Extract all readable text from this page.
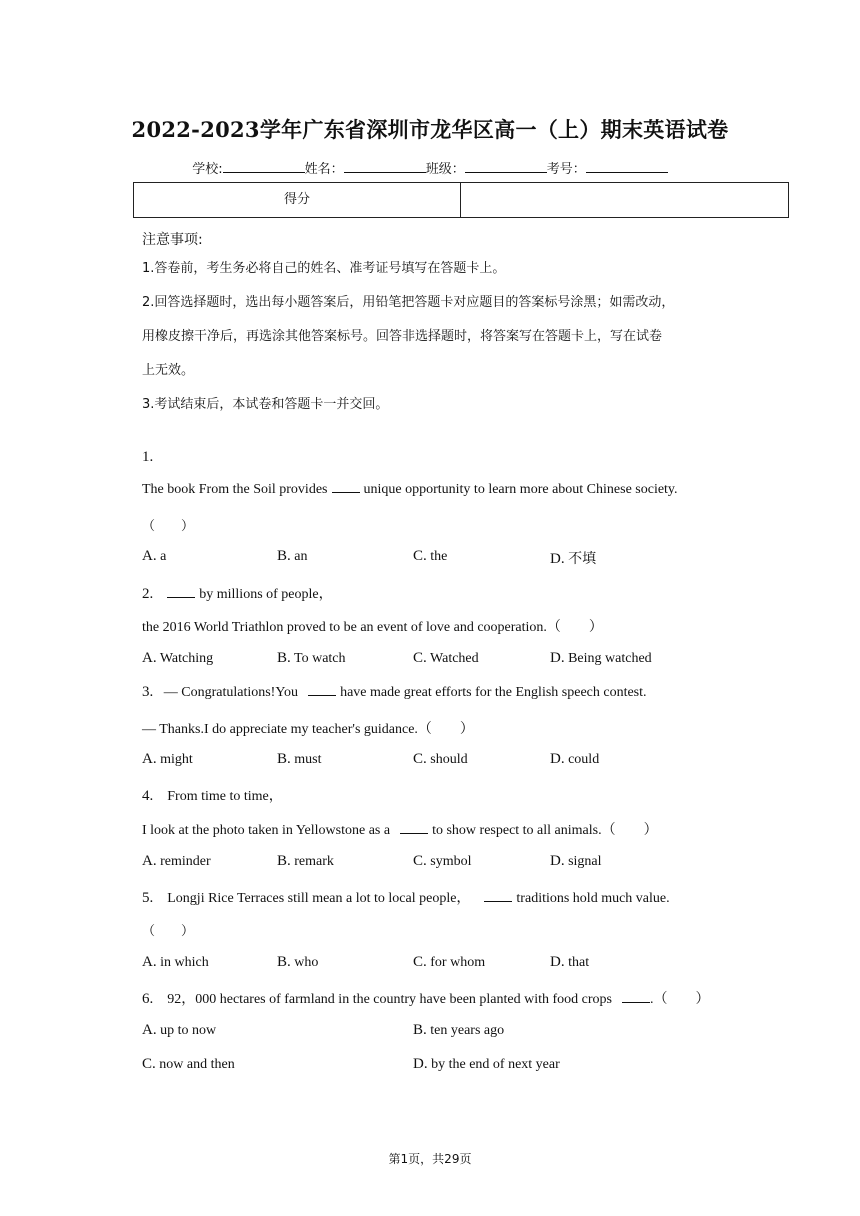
2022-2023学年广东省深圳市龙华区高一（上）期末英语试卷
学校:	姓名：	班级：	考号：
得分
注意事项:
1.答卷前，考生务必将自己的姓名、准考证号填写在答题卡上。
2.回答选择题时，选出每小题答案后，用铅笔把答题卡对应题目的答案标号涂黑；如需改动，
用橡皮擦干净后，再选涂其他答案标号。回答非选择题时，将答案写在答题卡上，写在试卷
上无效。
3.考试结束后，本试卷和答题卡一并交回。
1.
The book From the Soil provides	unique opportunity to learn more about Chinese society.
（　　）
A. a	B. an	C. the	D. 不填
2.	by millions of people，
the 2016 World Triathlon proved to be an event of love and cooperation.（　　）
A. Watching	B. To watch	C. Watched	D. Being watched
3. — Congratulations!You	have made great efforts for the English speech contest.
— Thanks.I do appreciate my teacher's guidance.（　　）
A. might	B. must	C. should	D. could
4. From time to time，
I look at the photo taken in Yellowstone as a	to show respect to all animals.（　　）
A. reminder	B. remark	C. symbol	D. signal
5. Longji Rice Terraces still mean a lot to local people，	traditions hold much value.
（　　）
A. in which	B. who	C. for whom	D. that
6. 92，000 hectares of farmland in the country have been planted with food crops	.（　　）
A. up to now	B. ten years ago
C. now and then	D. by the end of next year
第1页，共29页
